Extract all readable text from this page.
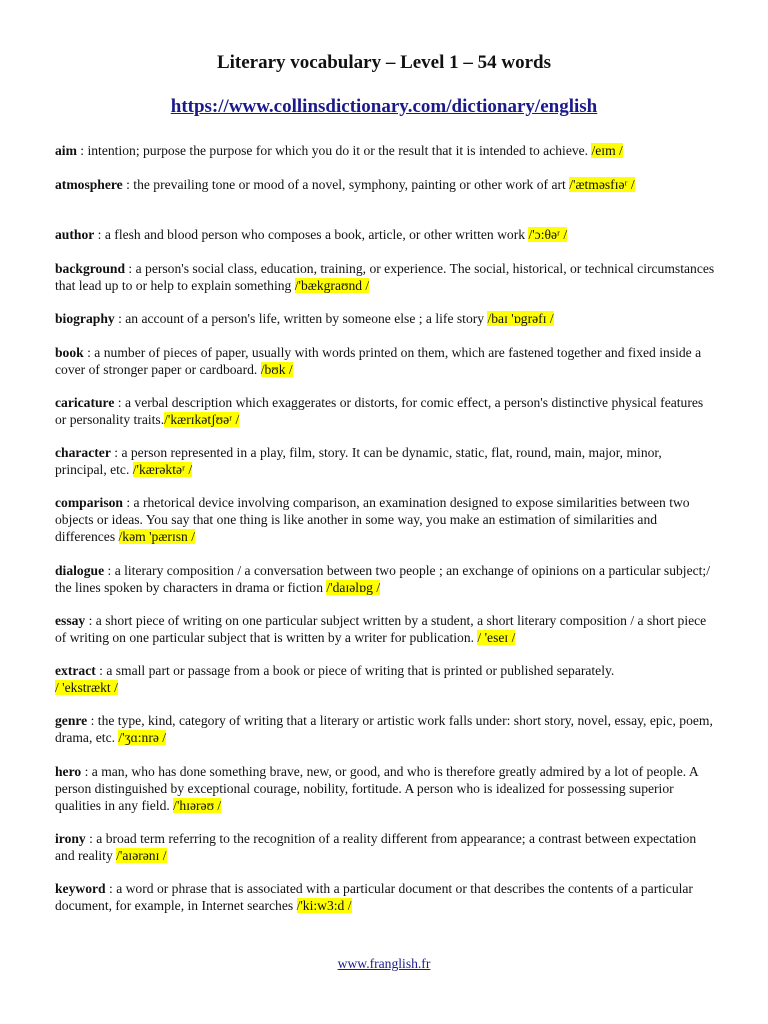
Literary vocabulary – Level 1 – 54 words
https://www.collinsdictionary.com/dictionary/english
aim : intention; purpose the purpose for which you do it or the result that it is intended to achieve. /eɪm /
atmosphere : the prevailing tone or mood of a novel, symphony, painting or other work of art /'ætməsfɪəʳ /
author : a flesh and blood person who composes a book, article, or other written work /'ɔ:θəʳ /
background : a person's social class, education, training, or experience. The social, historical, or technical circumstances that lead up to or help to explain something /'bækgraʊnd /
biography : an account of a person's life, written by someone else ; a life story /baɪ 'ɒgrəfɪ /
book : a number of pieces of paper, usually with words printed on them, which are fastened together and fixed inside a cover of stronger paper or cardboard. /bʊk /
caricature : a verbal description which exaggerates or distorts, for comic effect, a person's distinctive physical features or personality traits./'kærɪkətʃʊəʳ /
character : a person represented in a play, film, story. It can be dynamic, static, flat, round, main, major, minor, principal, etc. /'kærəktəʳ /
comparison : a rhetorical device involving comparison, an examination designed to expose similarities between two objects or ideas. You say that one thing is like another in some way, you make an estimation of similarities and differences /kəm 'pærɪsn /
dialogue : a literary composition / a conversation between two people ; an exchange of opinions on a particular subject;/ the lines spoken by characters in drama or fiction /'daɪəlɒg /
essay : a short piece of writing on one particular subject written by a student, a short literary composition / a short piece of writing on one particular subject that is written by a writer for publication. / 'eseɪ /
extract : a small part or passage from a book or piece of writing that is printed or published separately.
/ 'ekstrækt /
genre : the type, kind, category of writing that a literary or artistic work falls under: short story, novel, essay, epic, poem, drama, etc. /'ʒɑ:nrə /
hero : a man, who has done something brave, new, or good, and who is therefore greatly admired by a lot of people. A person distinguished by exceptional courage, nobility, fortitude. A person who is idealized for possessing superior qualities in any field. /'hɪərəʊ /
irony : a broad term referring to the recognition of a reality different from appearance; a contrast between expectation and reality /'aɪərənɪ /
keyword : a word or phrase that is associated with a particular document or that describes the contents of a particular document, for example, in Internet searches /'ki:w3:d /
www.franglish.fr
